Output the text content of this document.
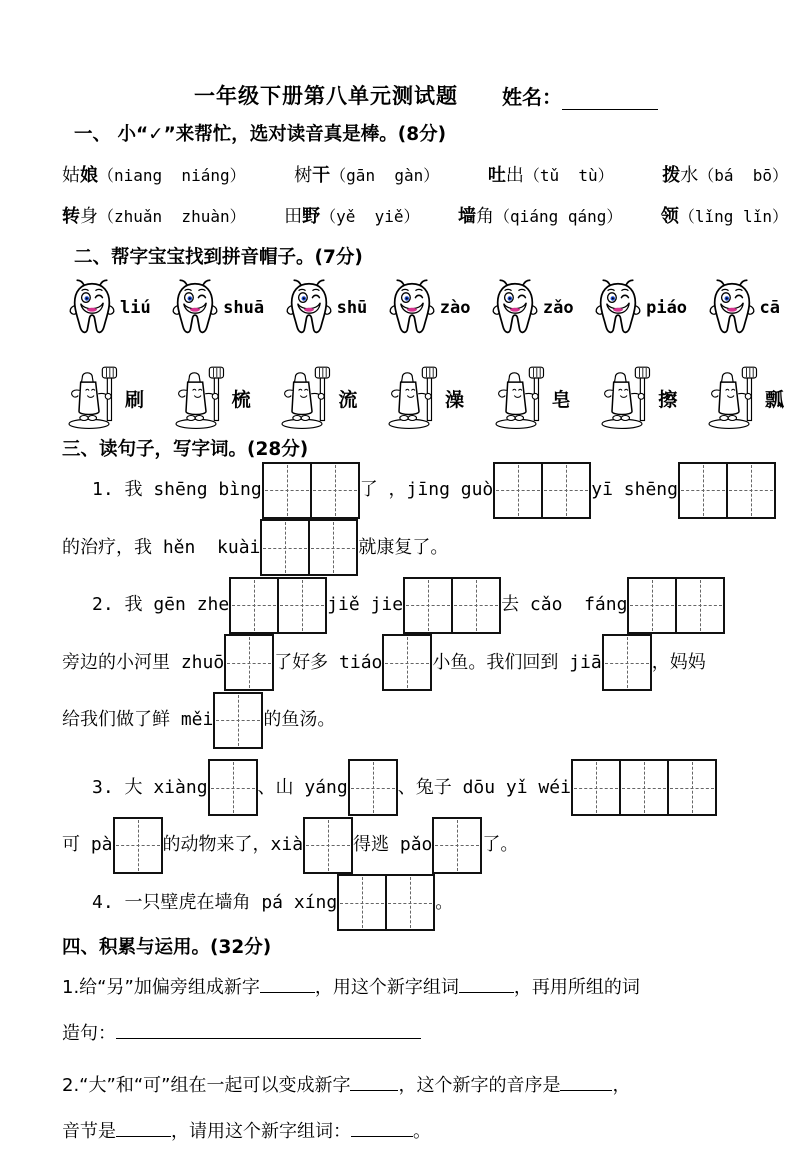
一年级下册第八单元测试题 姓名：
一、 小“✓”来帮忙，选对读音真是棒。(8分)
姑娘（niang  niáng）	树干（gān  gàn）	吐出（tǔ  tù）	拨水（bá  bō）
转身（zhuǎn  zhuàn） 田野（yě  yiě） 墙角（qiáng qáng） 领（lǐng lǐn）
二、帮字宝宝找到拼音帽子。(7分)
liú	shuā	shū	zào	zǎo	piáo	cā
刷	梳	流	澡	皂	擦	瓢
三、读句子，写字词。(28分)

1. 我 shēng bìng	了 ，jīng guò	yī shēng
的治疗，我 hěn  kuài	就康复了。

2. 我 gēn zhe	jiě jie	去 cǎo  fáng
旁边的小河里 zhuō	了好多 tiáo	小鱼。我们回到 jiā	，妈妈
给我们做了鲜 měi	的鱼汤。

3. 大 xiàng	、山 yáng	、兔子 dōu yǐ wéi
可 pà	的动物来了，xià	得逃 pǎo	了。

4. 一只壁虎在墙角 pá xíng	。

四、积累与运用。(32分)

1.给“另”加偏旁组成新字	，用这个新字组词	，再用所组的词
造句：

2.“大”和“可”组在一起可以变成新字	，这个新字的音序是	，
音节是	，请用这个新字组词：	。
